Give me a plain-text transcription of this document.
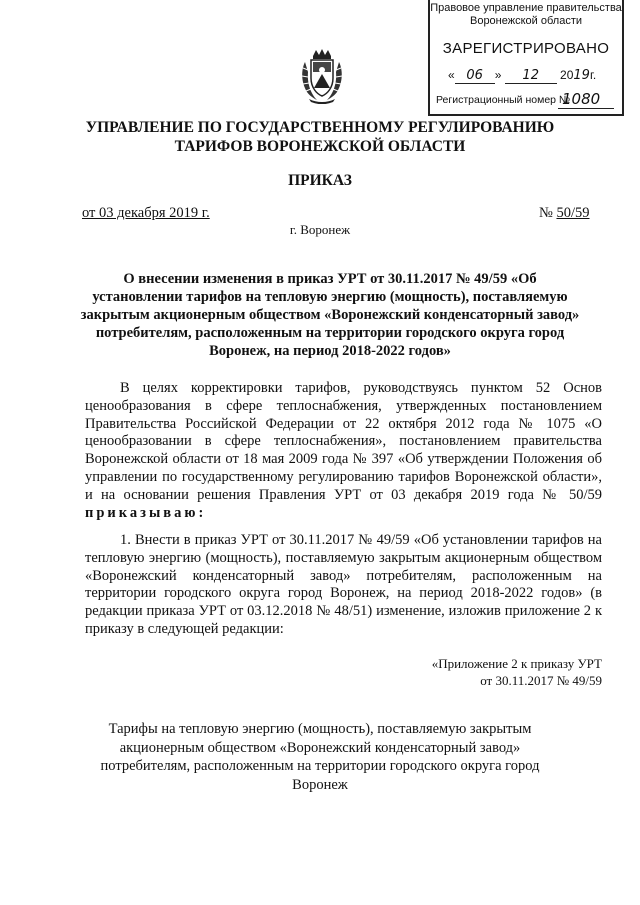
Правовое управление правительства
Воронежской области
ЗАРЕГИСТРИРОВАНО
« 06 » 12 2019г.
Регистрационный номер №
1080
УПРАВЛЕНИЕ ПО ГОСУДАРСТВЕННОМУ РЕГУЛИРОВАНИЮ
ТАРИФОВ ВОРОНЕЖСКОЙ ОБЛАСТИ
ПРИКАЗ
от 03 декабря 2019 г.	№ 50/59
г. Воронеж
О внесении изменения в приказ УРТ от 30.11.2017 № 49/59 «Об установлении тарифов на тепловую энергию (мощность), поставляемую закрытым акционерным обществом «Воронежский конденсаторный завод» потребителям, расположенным на территории городского округа город Воронеж, на период 2018-2022 годов»
В целях корректировки тарифов, руководствуясь пунктом 52 Основ ценообразования в сфере теплоснабжения, утвержденных постановлением Правительства Российской Федерации от 22 октября 2012 года № 1075 «О ценообразовании в сфере теплоснабжения», постановлением правительства Воронежской области от 18 мая 2009 года № 397 «Об утверждении Положения об управлении по государственному регулированию тарифов Воронежской области», и на основании решения Правления УРТ от 03 декабря 2019 года № 50/59 приказываю:
1. Внести в приказ УРТ от 30.11.2017 № 49/59 «Об установлении тарифов на тепловую энергию (мощность), поставляемую закрытым акционерным обществом «Воронежский конденсаторный завод» потребителям, расположенным на территории городского округа город Воронеж, на период 2018-2022 годов» (в редакции приказа УРТ от 03.12.2018 № 48/51) изменение, изложив приложение 2 к приказу в следующей редакции:
«Приложение 2 к приказу УРТ
от 30.11.2017 № 49/59
Тарифы на тепловую энергию (мощность), поставляемую закрытым акционерным обществом «Воронежский конденсаторный завод» потребителям, расположенным на территории городского округа город Воронеж
